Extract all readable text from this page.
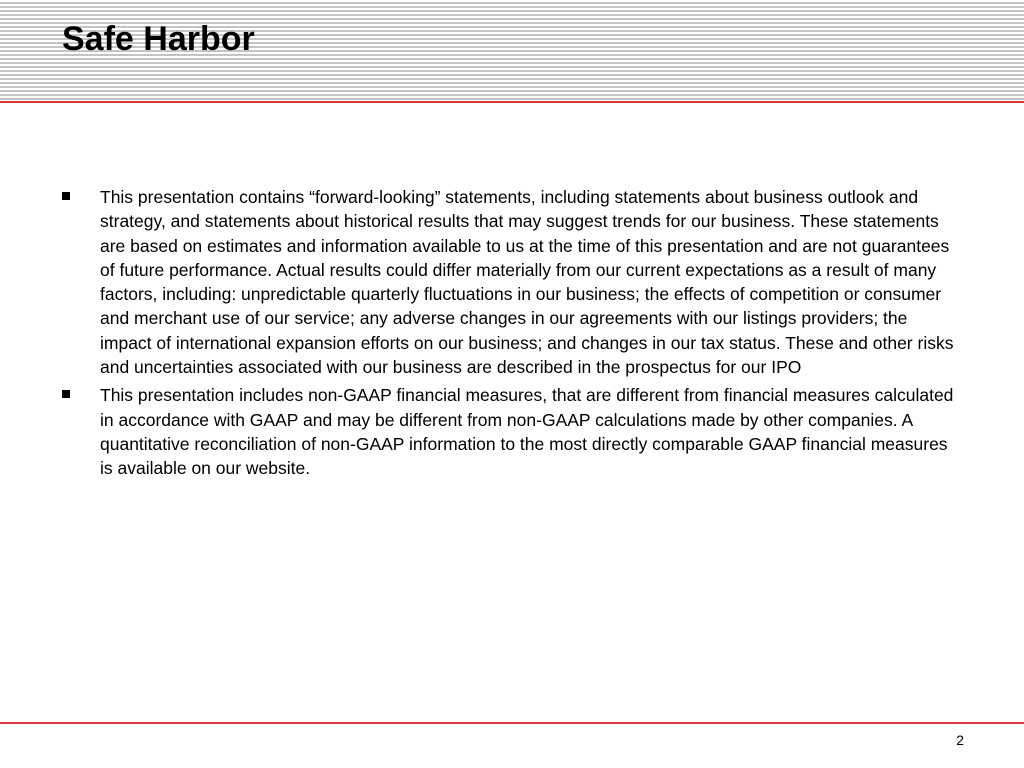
Safe Harbor
This presentation contains “forward-looking” statements, including statements about business outlook and strategy, and statements about historical results that may suggest trends for our business. These statements are based on estimates and information available to us at the time of this presentation and are not guarantees of future performance. Actual results could differ materially from our current expectations as a result of many factors, including: unpredictable quarterly fluctuations in our business; the effects of competition or consumer and merchant use of our service; any adverse changes in our agreements with our listings providers; the impact of international expansion efforts on our business; and changes in our tax status. These and other risks and uncertainties associated with our business are described in the prospectus for our IPO
This presentation includes non-GAAP financial measures, that are different from financial measures calculated in accordance with GAAP and may be different from non-GAAP calculations made by other companies. A quantitative reconciliation of non-GAAP information to the most directly comparable GAAP financial measures is available on our website.
2
